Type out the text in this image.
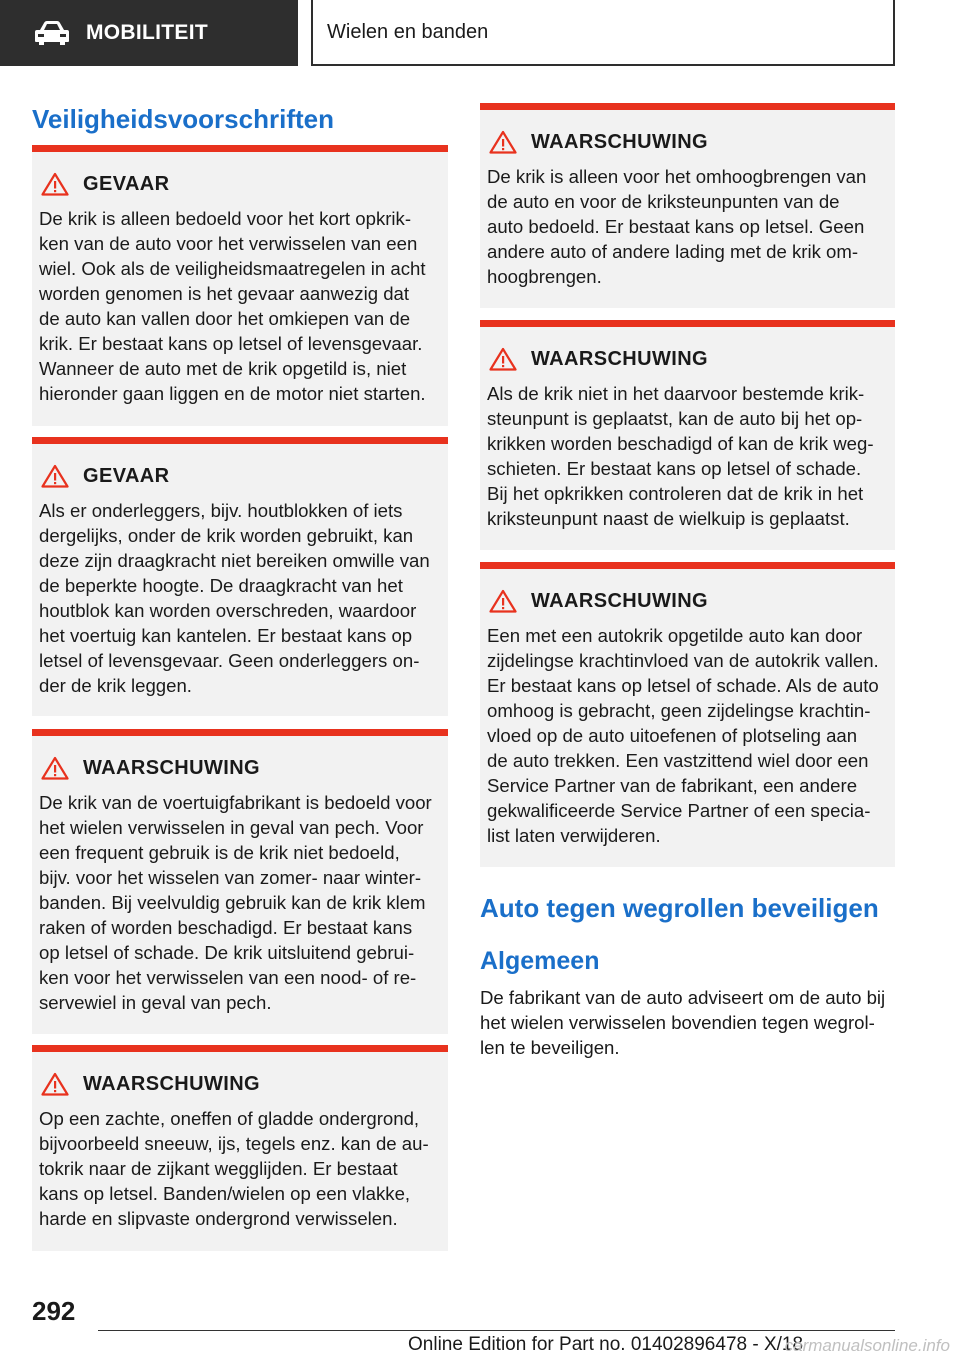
MOBILITEIT	Wielen en banden
Veiligheidsvoorschriften
GEVAAR
De krik is alleen bedoeld voor het kort opkrik-
ken van de auto voor het verwisselen van een
wiel. Ook als de veiligheidsmaatregelen in acht
worden genomen is het gevaar aanwezig dat
de auto kan vallen door het omkiepen van de
krik. Er bestaat kans op letsel of levensgevaar.
Wanneer de auto met de krik opgetild is, niet
hieronder gaan liggen en de motor niet starten.
GEVAAR
Als er onderleggers, bijv. houtblokken of iets
dergelijks, onder de krik worden gebruikt, kan
deze zijn draagkracht niet bereiken omwille van
de beperkte hoogte. De draagkracht van het
houtblok kan worden overschreden, waardoor
het voertuig kan kantelen. Er bestaat kans op
letsel of levensgevaar. Geen onderleggers on-
der de krik leggen.
WAARSCHUWING
De krik van de voertuigfabrikant is bedoeld voor
het wielen verwisselen in geval van pech. Voor
een frequent gebruik is de krik niet bedoeld,
bijv. voor het wisselen van zomer- naar winter-
banden. Bij veelvuldig gebruik kan de krik klem
raken of worden beschadigd. Er bestaat kans
op letsel of schade. De krik uitsluitend gebrui-
ken voor het verwisselen van een nood- of re-
servewiel in geval van pech.
WAARSCHUWING
Op een zachte, oneffen of gladde ondergrond,
bijvoorbeeld sneeuw, ijs, tegels enz. kan de au-
tokrik naar de zijkant wegglijden. Er bestaat
kans op letsel. Banden/wielen op een vlakke,
harde en slipvaste ondergrond verwisselen.
WAARSCHUWING
De krik is alleen voor het omhoogbrengen van
de auto en voor de kriksteunpunten van de
auto bedoeld. Er bestaat kans op letsel. Geen
andere auto of andere lading met de krik om-
hoogbrengen.
WAARSCHUWING
Als de krik niet in het daarvoor bestemde krik-
steunpunt is geplaatst, kan de auto bij het op-
krikken worden beschadigd of kan de krik weg-
schieten. Er bestaat kans op letsel of schade.
Bij het opkrikken controleren dat de krik in het
kriksteunpunt naast de wielkuip is geplaatst.
WAARSCHUWING
Een met een autokrik opgetilde auto kan door
zijdelingse krachtinvloed van de autokrik vallen.
Er bestaat kans op letsel of schade. Als de auto
omhoog is gebracht, geen zijdelingse krachtin-
vloed op de auto uitoefenen of plotseling aan
de auto trekken. Een vastzittend wiel door een
Service Partner van de fabrikant, een andere
gekwalificeerde Service Partner of een specia-
list laten verwijderen.
Auto tegen wegrollen beveiligen
Algemeen
De fabrikant van de auto adviseert om de auto bij
het wielen verwisselen bovendien tegen wegrol-
len te beveiligen.
292
Online Edition for Part no. 01402896478 - X/18
carmanualsonline.info
